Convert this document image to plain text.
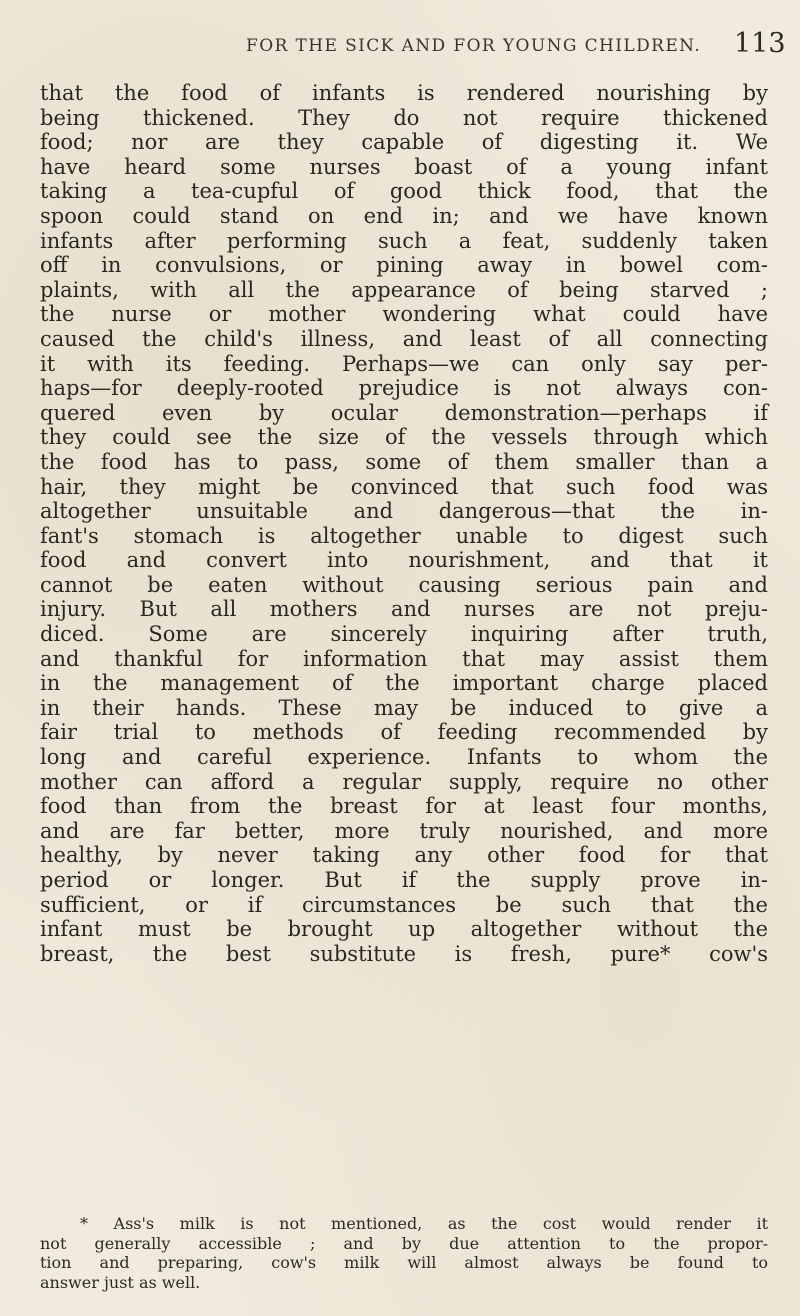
FOR THE SICK AND FOR YOUNG CHILDREN. 113
that the food of infants is rendered nourishing by
being thickened. They do not require thickened
food; nor are they capable of digesting it. We
have heard some nurses boast of a young infant
taking a tea-cupful of good thick food, that the
spoon could stand on end in; and we have known
infants after performing such a feat, suddenly taken
off in convulsions, or pining away in bowel com-
plaints, with all the appearance of being starved ;
the nurse or mother wondering what could have
caused the child's illness, and least of all connecting
it with its feeding. Perhaps—we can only say per-
haps—for deeply-rooted prejudice is not always con-
quered even by ocular demonstration—perhaps if
they could see the size of the vessels through which
the food has to pass, some of them smaller than a
hair, they might be convinced that such food was
altogether unsuitable and dangerous—that the in-
fant's stomach is altogether unable to digest such
food and convert into nourishment, and that it
cannot be eaten without causing serious pain and
injury. But all mothers and nurses are not preju-
diced. Some are sincerely inquiring after truth,
and thankful for information that may assist them
in the management of the important charge placed
in their hands. These may be induced to give a
fair trial to methods of feeding recommended by
long and careful experience. Infants to whom the
mother can afford a regular supply, require no other
food than from the breast for at least four months,
and are far better, more truly nourished, and more
healthy, by never taking any other food for that
period or longer. But if the supply prove in-
sufficient, or if circumstances be such that the
infant must be brought up altogether without the
breast, the best substitute is fresh, pure* cow's
* Ass's milk is not mentioned, as the cost would render it
not generally accessible ; and by due attention to the propor-
tion and preparing, cow's milk will almost always be found to
answer just as well.
